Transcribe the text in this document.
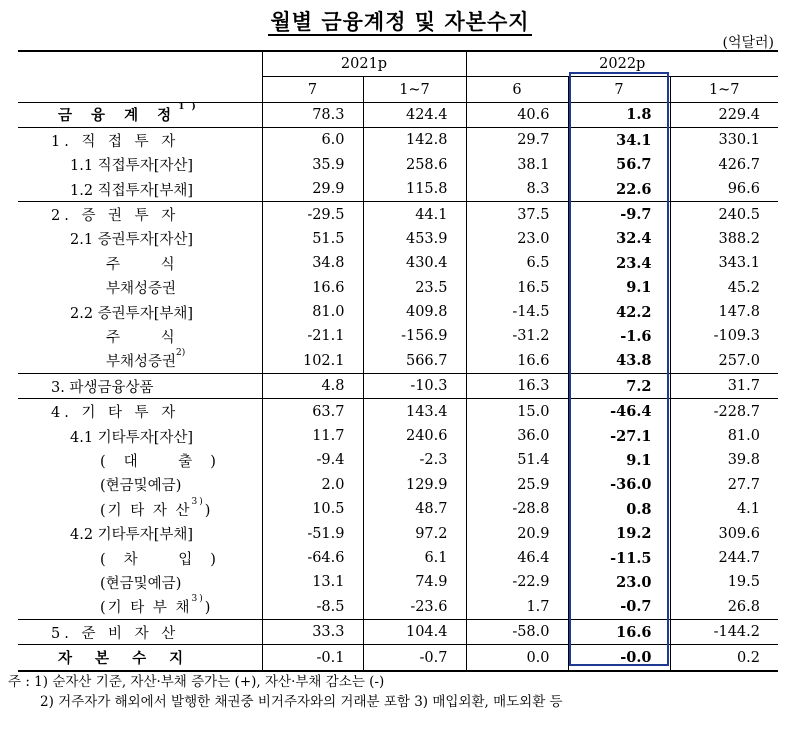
월별 금융계정 및 자본수지
(억달러)
	2021p		2022p		
	7	1~7	6	7	1~7
금 융 계 정$^{1)}$	78.3	424.4	40.6	1.8	229.4
1. 직 접 투 자	6.0	142.8	29.7	34.1	330.1
1.1 직접투자[자산]	35.9	258.6	38.1	56.7	426.7
1.2 직접투자[부채]	29.9	115.8	8.3	22.6	96.6
2. 증 권 투 자	-29.5	44.1	37.5	-9.7	240.5
2.1 증권투자[자산]	51.5	453.9	23.0	32.4	388.2
주 식	34.8	430.4	6.5	23.4	343.1
부채성증권	16.6	23.5	16.5	9.1	45.2
2.2 증권투자[부채]	81.0	409.8	-14.5	42.2	147.8
주 식	-21.1	-156.9	-31.2	-1.6	-109.3
부채성증권$^{2)}$	102.1	566.7	16.6	43.8	257.0
3. 파생금융상품	4.8	-10.3	16.3	7.2	31.7
4. 기 타 투 자	63.7	143.4	15.0	-46.4	-228.7
4.1 기타투자[자산]	11.7	240.6	36.0	-27.1	81.0
(대 출)	-9.4	-2.3	51.4	9.1	39.8
(현금및예금)	2.0	129.9	25.9	-36.0	27.7
(기 타 자 산$^{3)}$)	10.5	48.7	-28.8	0.8	4.1
4.2 기타투자[부채]	-51.9	97.2	20.9	19.2	309.6
(차 입)	-64.6	6.1	46.4	-11.5	244.7
(현금및예금)	13.1	74.9	-22.9	23.0	19.5
(기 타 부 채$^{3)}$)	-8.5	-23.6	1.7	-0.7	26.8
5. 준 비 자 산	33.3	104.4	-58.0	16.6	-144.2
자 본 수 지	-0.1	-0.7	0.0	-0.0	0.2
주 : 1) 순자산 기준, 자산·부채 증가는 (+), 자산·부채 감소는 (-)
2) 거주자가 해외에서 발행한 채권중 비거주자와의 거래분 포함 3) 매입외환, 매도외환 등
